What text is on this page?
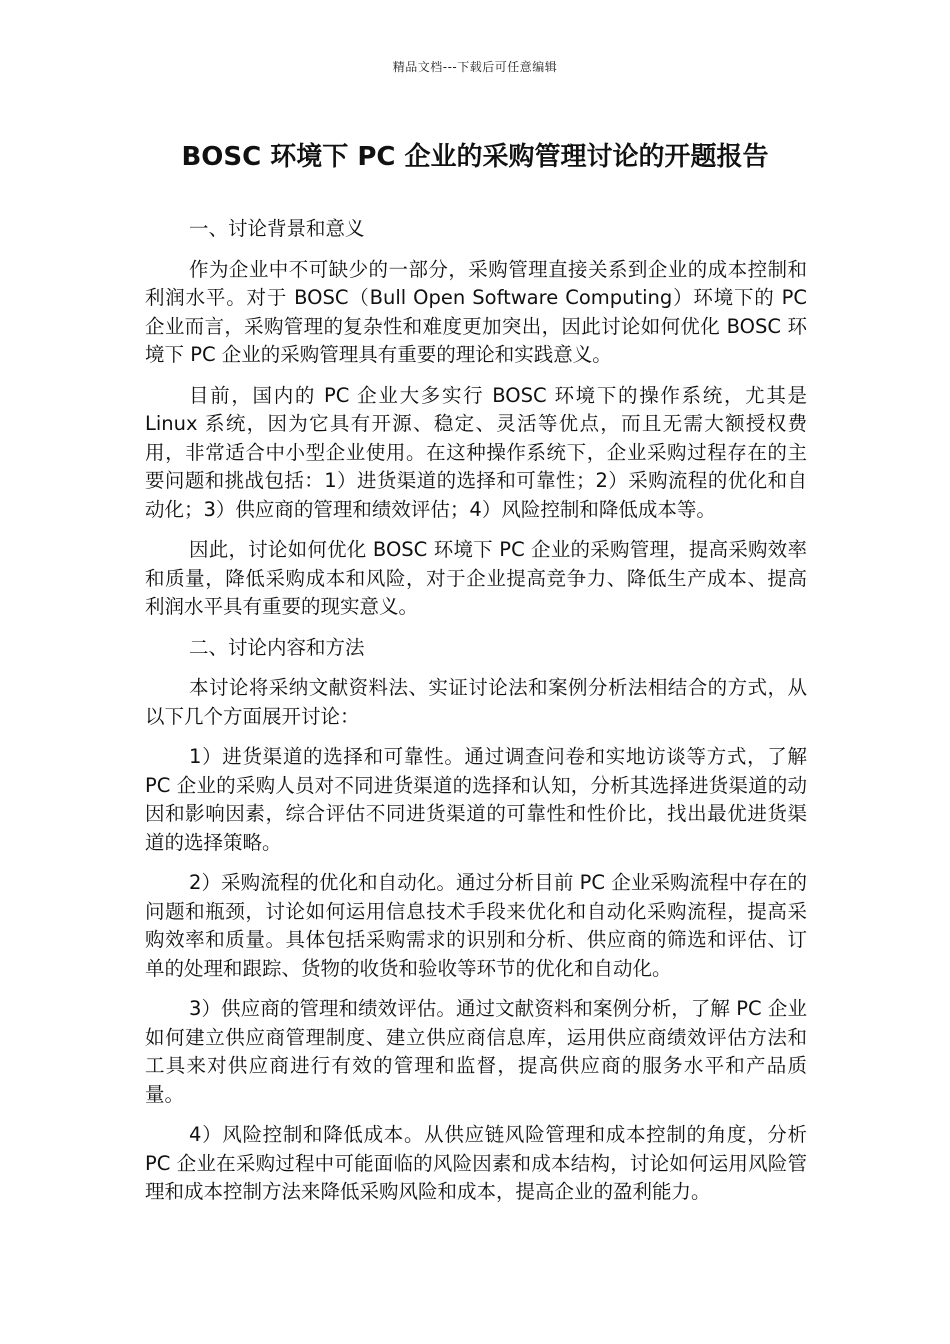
精品文档---下载后可任意编辑
BOSC 环境下 PC 企业的采购管理讨论的开题报告

一、讨论背景和意义

作为企业中不可缺少的一部分，采购管理直接关系到企业的成本控制和利润水平。对于 BOSC（Bull Open Software Computing）环境下的 PC 企业而言，采购管理的复杂性和难度更加突出，因此讨论如何优化 BOSC 环境下 PC 企业的采购管理具有重要的理论和实践意义。

目前，国内的 PC 企业大多实行 BOSC 环境下的操作系统，尤其是 Linux 系统，因为它具有开源、稳定、灵活等优点，而且无需大额授权费用，非常适合中小型企业使用。在这种操作系统下，企业采购过程存在的主要问题和挑战包括：1）进货渠道的选择和可靠性；2）采购流程的优化和自动化；3）供应商的管理和绩效评估；4）风险控制和降低成本等。

因此，讨论如何优化 BOSC 环境下 PC 企业的采购管理，提高采购效率和质量，降低采购成本和风险，对于企业提高竞争力、降低生产成本、提高利润水平具有重要的现实意义。

二、讨论内容和方法

本讨论将采纳文献资料法、实证讨论法和案例分析法相结合的方式，从以下几个方面展开讨论：

1）进货渠道的选择和可靠性。通过调查问卷和实地访谈等方式，了解 PC 企业的采购人员对不同进货渠道的选择和认知，分析其选择进货渠道的动因和影响因素，综合评估不同进货渠道的可靠性和性价比，找出最优进货渠道的选择策略。

2）采购流程的优化和自动化。通过分析目前 PC 企业采购流程中存在的问题和瓶颈，讨论如何运用信息技术手段来优化和自动化采购流程，提高采购效率和质量。具体包括采购需求的识别和分析、供应商的筛选和评估、订单的处理和跟踪、货物的收货和验收等环节的优化和自动化。

3）供应商的管理和绩效评估。通过文献资料和案例分析，了解 PC 企业如何建立供应商管理制度、建立供应商信息库，运用供应商绩效评估方法和工具来对供应商进行有效的管理和监督，提高供应商的服务水平和产品质量。

4）风险控制和降低成本。从供应链风险管理和成本控制的角度，分析 PC 企业在采购过程中可能面临的风险因素和成本结构，讨论如何运用风险管理和成本控制方法来降低采购风险和成本，提高企业的盈利能力。
